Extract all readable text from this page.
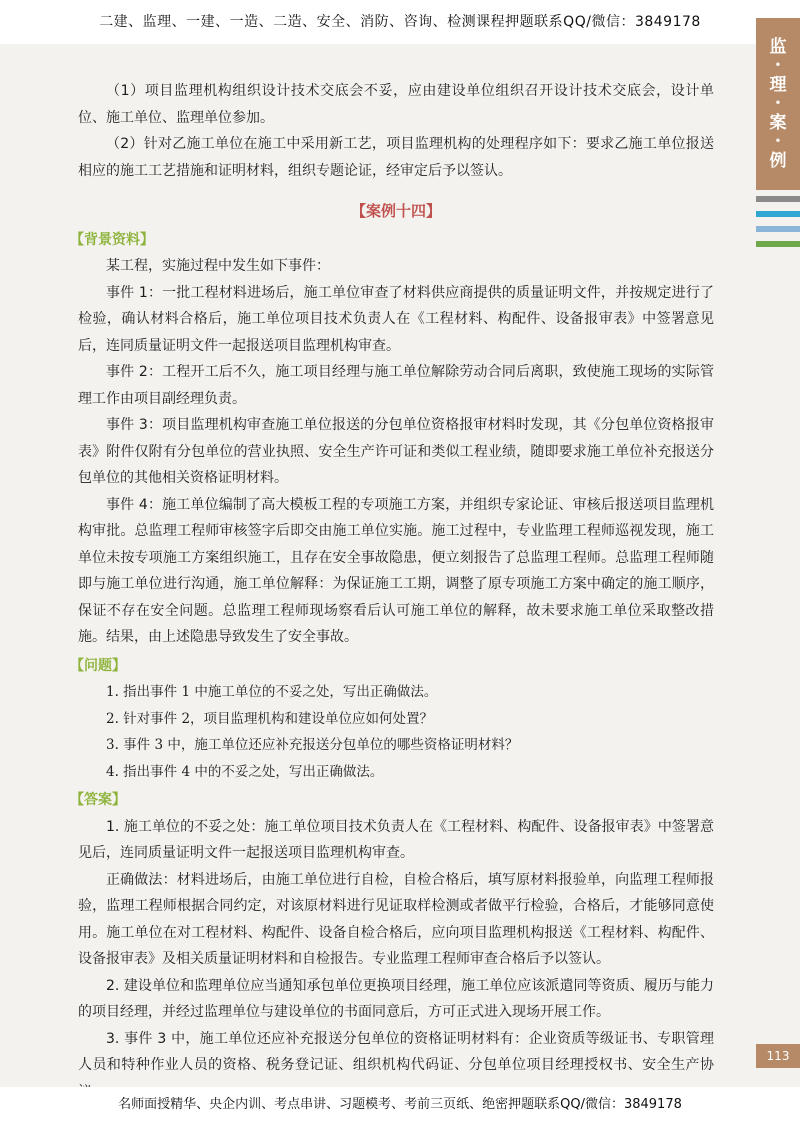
二建、监理、一建、一造、二造、安全、消防、咨询、检测课程押题联系QQ/微信：3849178
监
•
理
•
案
•
例

（1）项目监理机构组织设计技术交底会不妥，应由建设单位组织召开设计技术交底会，设计单位、施工单位、监理单位参加。

（2）针对乙施工单位在施工中采用新工艺，项目监理机构的处理程序如下：要求乙施工单位报送相应的施工工艺措施和证明材料，组织专题论证，经审定后予以签认。

【案例十四】
【背景资料】

某工程，实施过程中发生如下事件：

事件 1：一批工程材料进场后，施工单位审查了材料供应商提供的质量证明文件，并按规定进行了检验，确认材料合格后，施工单位项目技术负责人在《工程材料、构配件、设备报审表》中签署意见后，连同质量证明文件一起报送项目监理机构审查。

事件 2：工程开工后不久，施工项目经理与施工单位解除劳动合同后离职，致使施工现场的实际管理工作由项目副经理负责。

事件 3：项目监理机构审查施工单位报送的分包单位资格报审材料时发现，其《分包单位资格报审表》附件仅附有分包单位的营业执照、安全生产许可证和类似工程业绩，随即要求施工单位补充报送分包单位的其他相关资格证明材料。

事件 4：施工单位编制了高大模板工程的专项施工方案，并组织专家论证、审核后报送项目监理机构审批。总监理工程师审核签字后即交由施工单位实施。施工过程中，专业监理工程师巡视发现，施工单位未按专项施工方案组织施工，且存在安全事故隐患，便立刻报告了总监理工程师。总监理工程师随即与施工单位进行沟通，施工单位解释：为保证施工工期，调整了原专项施工方案中确定的施工顺序，保证不存在安全问题。总监理工程师现场察看后认可施工单位的解释，故未要求施工单位采取整改措施。结果，由上述隐患导致发生了安全事故。

【问题】

1. 指出事件 1 中施工单位的不妥之处，写出正确做法。

2. 针对事件 2，项目监理机构和建设单位应如何处置？

3. 事件 3 中，施工单位还应补充报送分包单位的哪些资格证明材料？

4. 指出事件 4 中的不妥之处，写出正确做法。

【答案】

1. 施工单位的不妥之处：施工单位项目技术负责人在《工程材料、构配件、设备报审表》中签署意见后，连同质量证明文件一起报送项目监理机构审查。

正确做法：材料进场后，由施工单位进行自检，自检合格后，填写原材料报验单，向监理工程师报验，监理工程师根据合同约定，对该原材料进行见证取样检测或者做平行检验，合格后，才能够同意使用。施工单位在对工程材料、构配件、设备自检合格后，应向项目监理机构报送《工程材料、构配件、设备报审表》及相关质量证明材料和自检报告。专业监理工程师审查合格后予以签认。

2. 建设单位和监理单位应当通知承包单位更换项目经理，施工单位应该派遣同等资质、履历与能力的项目经理，并经过监理单位与建设单位的书面同意后，方可正式进入现场开展工作。

3. 事件 3 中，施工单位还应补充报送分包单位的资格证明材料有：企业资质等级证书、专职管理人员和特种作业人员的资格、税务登记证、组织机构代码证、分包单位项目经理授权书、安全生产协

113
名师面授精华、央企内训、考点串讲、习题模考、考前三页纸、绝密押题联系QQ/微信：3849178
